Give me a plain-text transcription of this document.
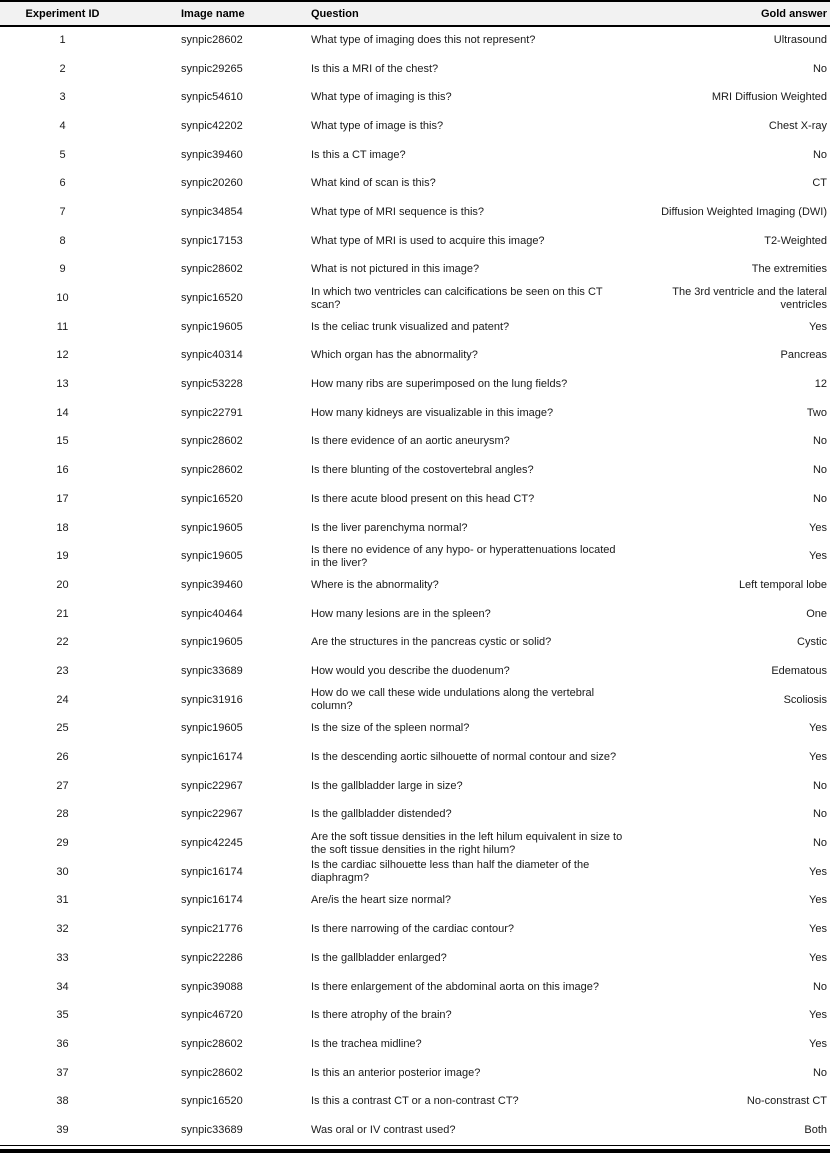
Experiment ID	Image name	Question	Gold answer
1	synpic28602	What type of imaging does this not represent?	Ultrasound
2	synpic29265	Is this a MRI of the chest?	No
3	synpic54610	What type of imaging is this?	MRI Diffusion Weighted
4	synpic42202	What type of image is this?	Chest X-ray
5	synpic39460	Is this a CT image?	No
6	synpic20260	What kind of scan is this?	CT
7	synpic34854	What type of MRI sequence is this?	Diffusion Weighted Imaging (DWI)
8	synpic17153	What type of MRI is used to acquire this image?	T2-Weighted
9	synpic28602	What is not pictured in this image?	The extremities
10	synpic16520	In which two ventricles can calcifications be seen on this CT scan?	The 3rd ventricle and the lateral ventricles
11	synpic19605	Is the celiac trunk visualized and patent?	Yes
12	synpic40314	Which organ has the abnormality?	Pancreas
13	synpic53228	How many ribs are superimposed on the lung fields?	12
14	synpic22791	How many kidneys are visualizable in this image?	Two
15	synpic28602	Is there evidence of an aortic aneurysm?	No
16	synpic28602	Is there blunting of the costovertebral angles?	No
17	synpic16520	Is there acute blood present on this head CT?	No
18	synpic19605	Is the liver parenchyma normal?	Yes
19	synpic19605	Is there no evidence of any hypo- or hyperattenuations located in the liver?	Yes
20	synpic39460	Where is the abnormality?	Left temporal lobe
21	synpic40464	How many lesions are in the spleen?	One
22	synpic19605	Are the structures in the pancreas cystic or solid?	Cystic
23	synpic33689	How would you describe the duodenum?	Edematous
24	synpic31916	How do we call these wide undulations along the vertebral column?	Scoliosis
25	synpic19605	Is the size of the spleen normal?	Yes
26	synpic16174	Is the descending aortic silhouette of normal contour and size?	Yes
27	synpic22967	Is the gallbladder large in size?	No
28	synpic22967	Is the gallbladder distended?	No
29	synpic42245	Are the soft tissue densities in the left hilum equivalent in size to the soft tissue densities in the right hilum?	No
30	synpic16174	Is the cardiac silhouette less than half the diameter of the diaphragm?	Yes
31	synpic16174	Are/is the heart size normal?	Yes
32	synpic21776	Is there narrowing of the cardiac contour?	Yes
33	synpic22286	Is the gallbladder enlarged?	Yes
34	synpic39088	Is there enlargement of the abdominal aorta on this image?	No
35	synpic46720	Is there atrophy of the brain?	Yes
36	synpic28602	Is the trachea midline?	Yes
37	synpic28602	Is this an anterior posterior image?	No
38	synpic16520	Is this a contrast CT or a non-contrast CT?	No-constrast CT
39	synpic33689	Was oral or IV contrast used?	Both
